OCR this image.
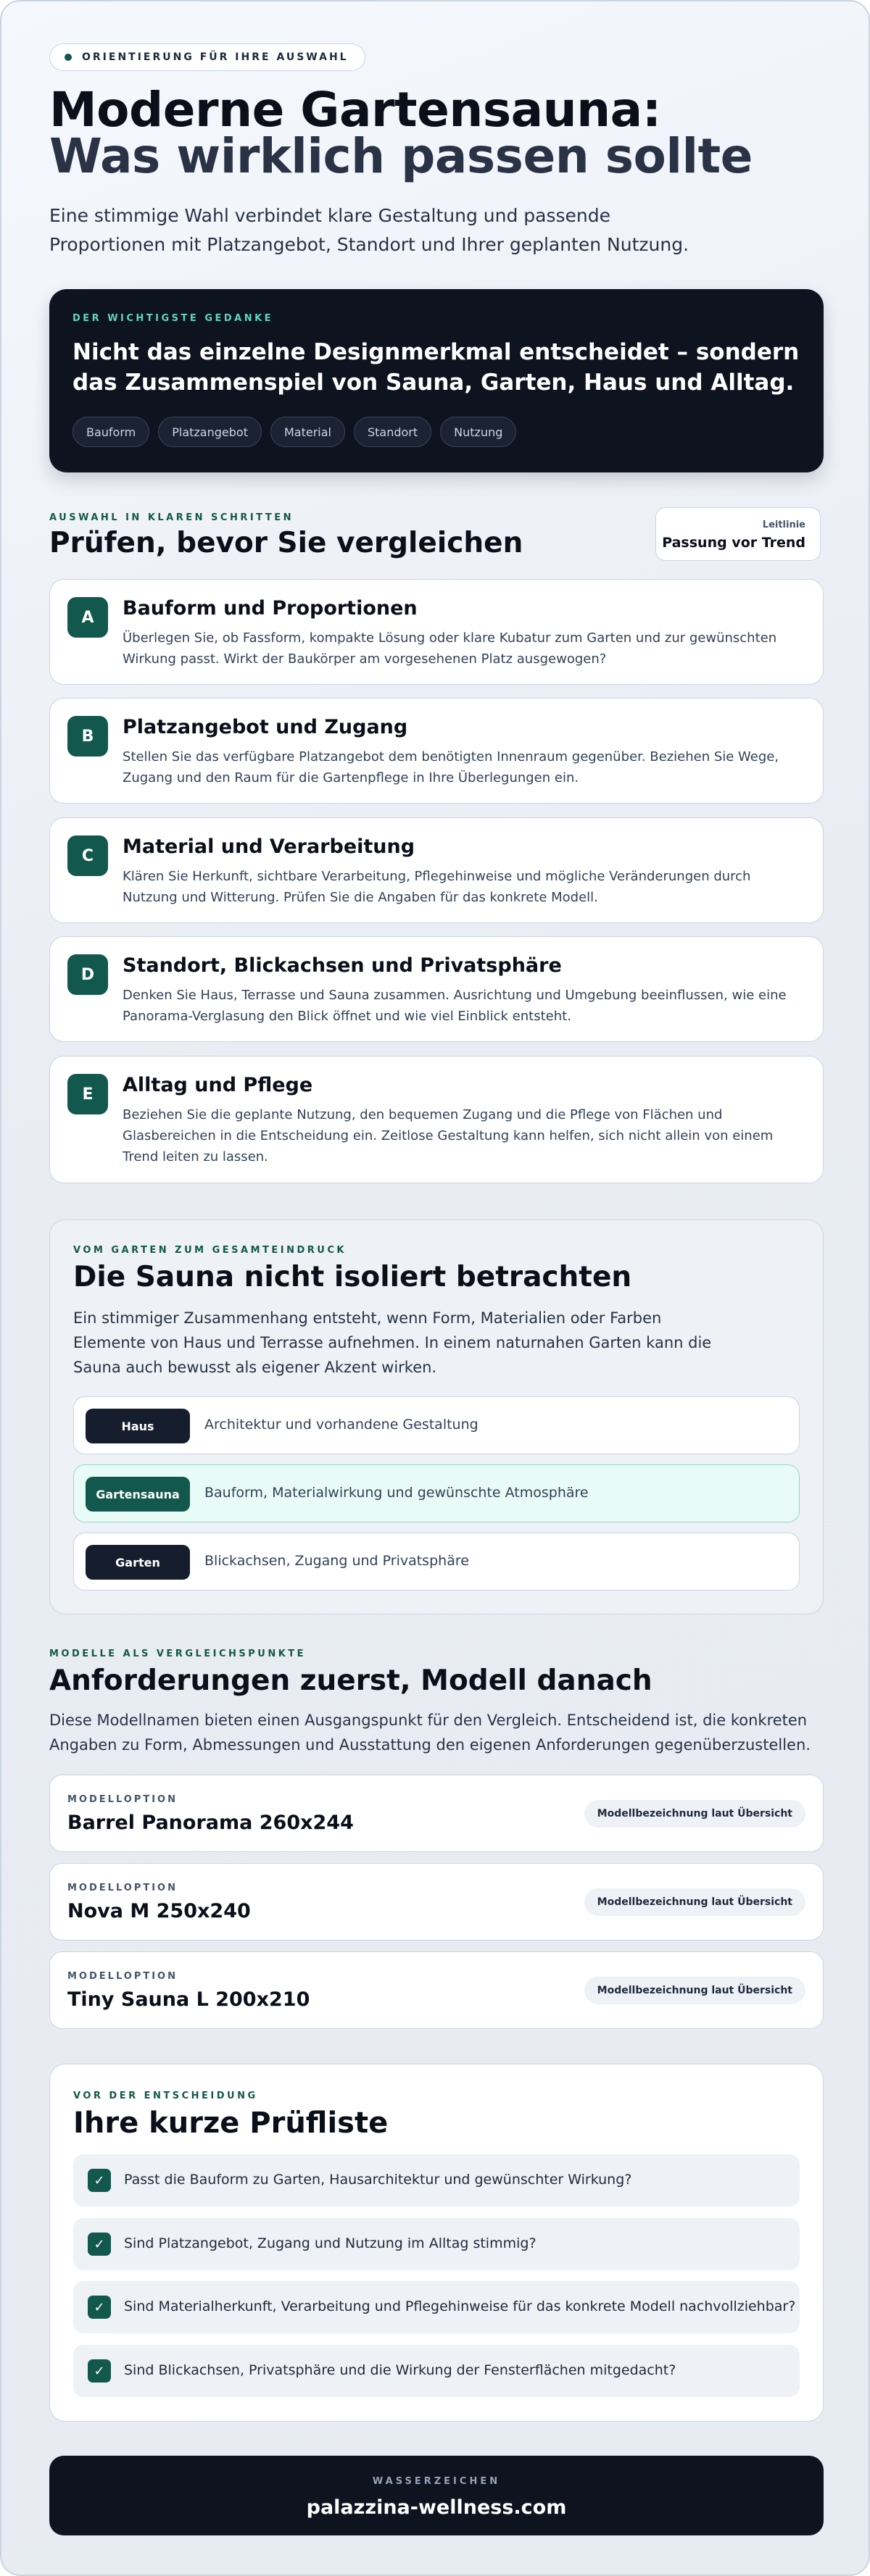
ORIENTIERUNG FÜR IHRE AUSWAHL
Moderne Gartensauna:
Was wirklich passen sollte

Eine stimmige Wahl verbindet klare Gestaltung und passende Proportionen mit Platzangebot, Standort und Ihrer geplanten Nutzung.

DER WICHTIGSTE GEDANKE
Nicht das einzelne Designmerkmal entscheidet – sondern das Zusammenspiel von Sauna, Garten, Haus und Alltag.
Bauform	Platzangebot	Material	Standort	Nutzung
AUSWAHL IN KLAREN SCHRITTEN
Prüfen, bevor Sie vergleichen
Leitlinie
Passung vor Trend
A	Bauform und Proportionen
Überlegen Sie, ob Fassform, kompakte Lösung oder klare Kubatur zum Garten und zur gewünschten Wirkung passt. Wirkt der Baukörper am vorgesehenen Platz ausgewogen?
B	Platzangebot und Zugang
Stellen Sie das verfügbare Platzangebot dem benötigten Innenraum gegenüber. Beziehen Sie Wege, Zugang und den Raum für die Gartenpflege in Ihre Überlegungen ein.
C	Material und Verarbeitung
Klären Sie Herkunft, sichtbare Verarbeitung, Pflegehinweise und mögliche Veränderungen durch Nutzung und Witterung. Prüfen Sie die Angaben für das konkrete Modell.
D	Standort, Blickachsen und Privatsphäre
Denken Sie Haus, Terrasse und Sauna zusammen. Ausrichtung und Umgebung beeinflussen, wie eine Panorama-Verglasung den Blick öffnet und wie viel Einblick entsteht.
E	Alltag und Pflege
Beziehen Sie die geplante Nutzung, den bequemen Zugang und die Pflege von Flächen und Glasbereichen in die Entscheidung ein. Zeitlose Gestaltung kann helfen, sich nicht allein von einem Trend leiten zu lassen.
VOM GARTEN ZUM GESAMTEINDRUCK
Die Sauna nicht isoliert betrachten

Ein stimmiger Zusammenhang entsteht, wenn Form, Materialien oder Farben Elemente von Haus und Terrasse aufnehmen. In einem naturnahen Garten kann die Sauna auch bewusst als eigener Akzent wirken.

Haus	Architektur und vorhandene Gestaltung
Gartensauna	Bauform, Materialwirkung und gewünschte Atmosphäre
Garten	Blickachsen, Zugang und Privatsphäre
MODELLE ALS VERGLEICHSPUNKTE
Anforderungen zuerst, Modell danach

Diese Modellnamen bieten einen Ausgangspunkt für den Vergleich. Entscheidend ist, die konkreten Angaben zu Form, Abmessungen und Ausstattung den eigenen Anforderungen gegenüberzustellen.

MODELLOPTION
Barrel Panorama 260x244	Modellbezeichnung laut Übersicht
MODELLOPTION
Nova M 250x240	Modellbezeichnung laut Übersicht
MODELLOPTION
Tiny Sauna L 200x210	Modellbezeichnung laut Übersicht
VOR DER ENTSCHEIDUNG
Ihre kurze Prüfliste
✓	Passt die Bauform zu Garten, Hausarchitektur und gewünschter Wirkung?
✓	Sind Platzangebot, Zugang und Nutzung im Alltag stimmig?
✓	Sind Materialherkunft, Verarbeitung und Pflegehinweise für das konkrete Modell nachvollziehbar?
✓	Sind Blickachsen, Privatsphäre und die Wirkung der Fensterflächen mitgedacht?
WASSERZEICHEN
palazzina-wellness.com
